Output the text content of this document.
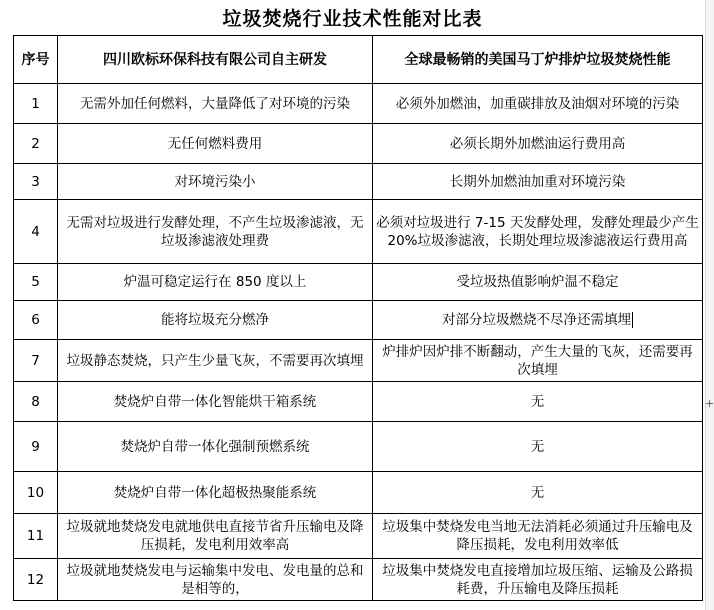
垃圾焚烧行业技术性能对比表
序号	四川欧标环保科技有限公司自主研发	全球最畅销的美国马丁炉排炉垃圾焚烧性能
1	无需外加任何燃料，大量降低了对环境的污染	必须外加燃油，加重碳排放及油烟对环境的污染
2	无任何燃料费用	必须长期外加燃油运行费用高
3	对环境污染小	长期外加燃油加重对环境污染
4	无需对垃圾进行发酵处理，不产生垃圾渗滤液，无垃圾渗滤液处理费	必须对垃圾进行 7-15 天发酵处理，发酵处理最少产生 20%垃圾渗滤液，长期处理垃圾渗滤液运行费用高
5	炉温可稳定运行在 850 度以上	受垃圾热值影响炉温不稳定
6	能将垃圾充分燃净	对部分垃圾燃烧不尽净还需填埋
7	垃圾静态焚烧，只产生少量飞灰，不需要再次填埋	炉排炉因炉排不断翻动，产生大量的飞灰，还需要再次填埋
8	焚烧炉自带一体化智能烘干箱系统	无
9	焚烧炉自带一体化强制预燃系统	无
10	焚烧炉自带一体化超极热聚能系统	无
11	垃圾就地焚烧发电就地供电直接节省升压输电及降压损耗，发电利用效率高	垃圾集中焚烧发电当地无法消耗必须通过升压输电及降压损耗，发电利用效率低
12	垃圾就地焚烧发电与运输集中发电、发电量的总和是相等的，	垃圾集中焚烧发电直接增加垃圾压缩、运输及公路损耗费，升压输电及降压损耗
+
